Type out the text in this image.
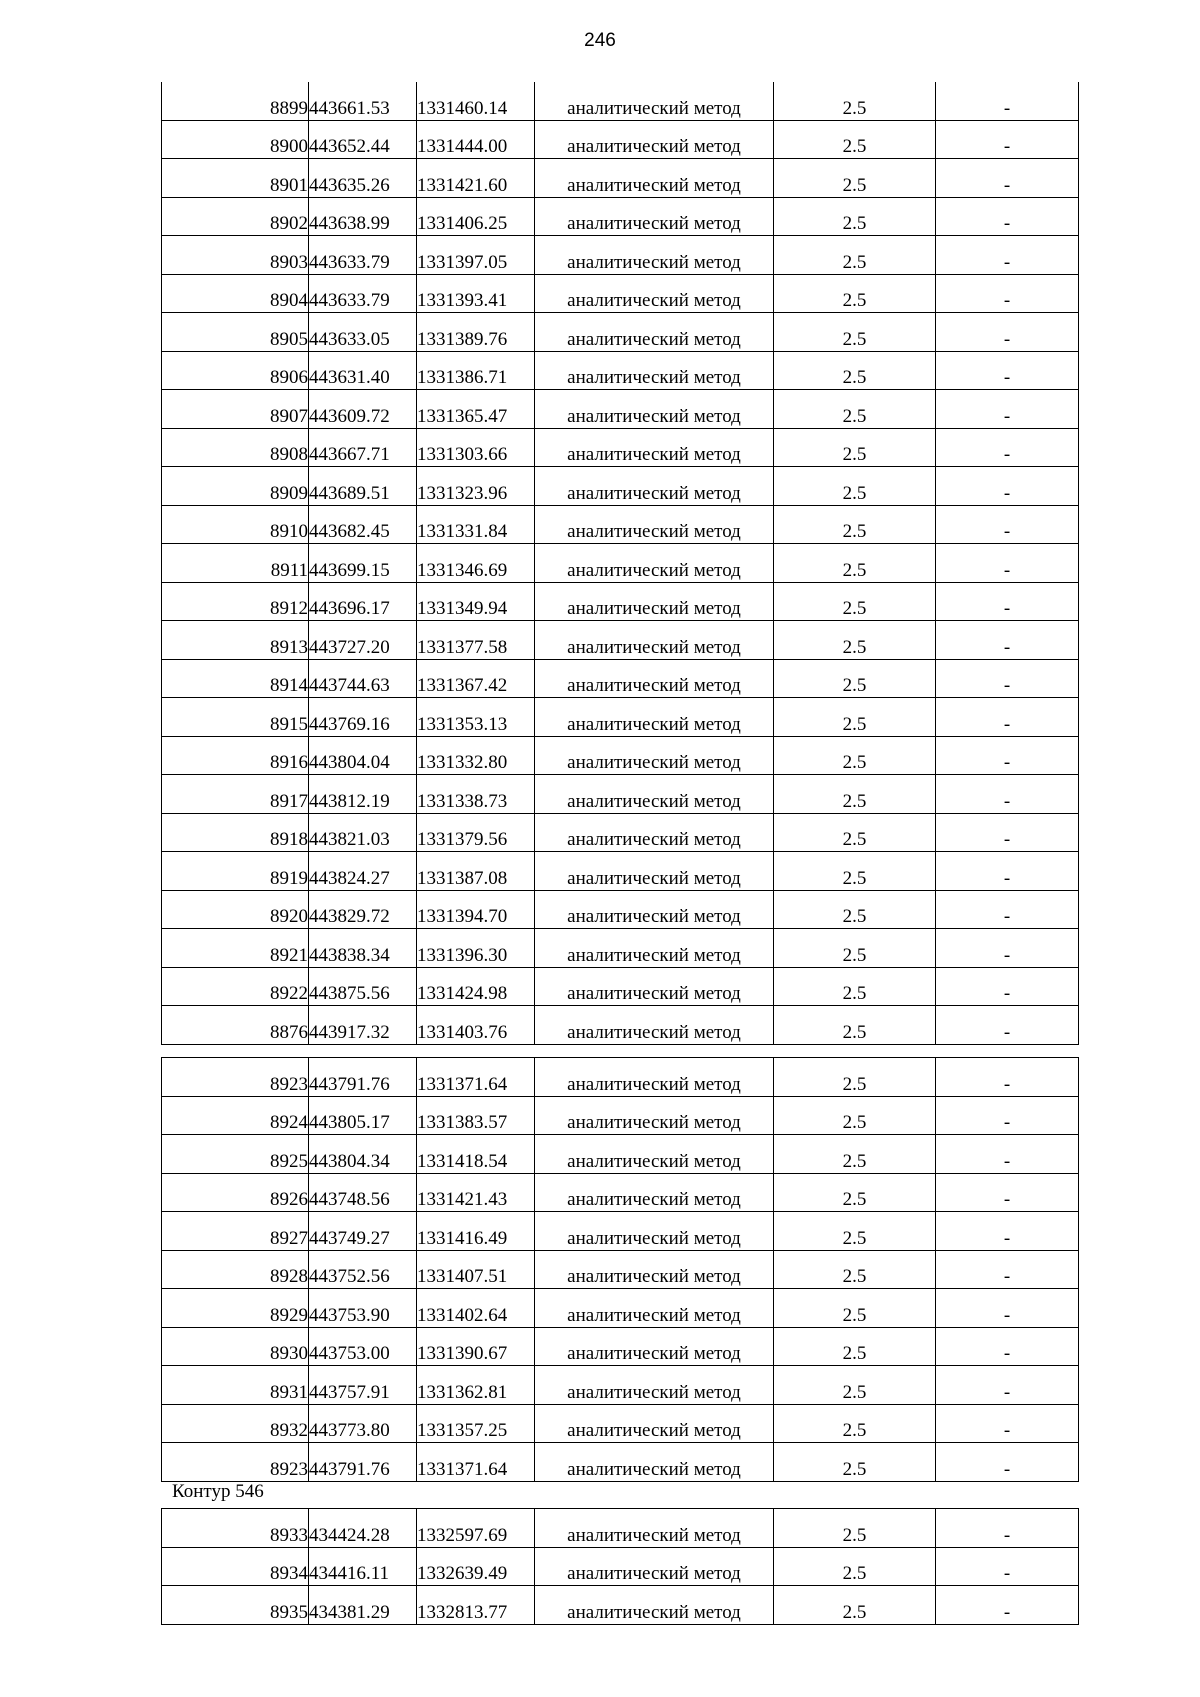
246
8899	443661.53	1331460.14	аналитический метод	2.5	-
8900	443652.44	1331444.00	аналитический метод	2.5	-
8901	443635.26	1331421.60	аналитический метод	2.5	-
8902	443638.99	1331406.25	аналитический метод	2.5	-
8903	443633.79	1331397.05	аналитический метод	2.5	-
8904	443633.79	1331393.41	аналитический метод	2.5	-
8905	443633.05	1331389.76	аналитический метод	2.5	-
8906	443631.40	1331386.71	аналитический метод	2.5	-
8907	443609.72	1331365.47	аналитический метод	2.5	-
8908	443667.71	1331303.66	аналитический метод	2.5	-
8909	443689.51	1331323.96	аналитический метод	2.5	-
8910	443682.45	1331331.84	аналитический метод	2.5	-
8911	443699.15	1331346.69	аналитический метод	2.5	-
8912	443696.17	1331349.94	аналитический метод	2.5	-
8913	443727.20	1331377.58	аналитический метод	2.5	-
8914	443744.63	1331367.42	аналитический метод	2.5	-
8915	443769.16	1331353.13	аналитический метод	2.5	-
8916	443804.04	1331332.80	аналитический метод	2.5	-
8917	443812.19	1331338.73	аналитический метод	2.5	-
8918	443821.03	1331379.56	аналитический метод	2.5	-
8919	443824.27	1331387.08	аналитический метод	2.5	-
8920	443829.72	1331394.70	аналитический метод	2.5	-
8921	443838.34	1331396.30	аналитический метод	2.5	-
8922	443875.56	1331424.98	аналитический метод	2.5	-
8876	443917.32	1331403.76	аналитический метод	2.5	-
8923	443791.76	1331371.64	аналитический метод	2.5	-
8924	443805.17	1331383.57	аналитический метод	2.5	-
8925	443804.34	1331418.54	аналитический метод	2.5	-
8926	443748.56	1331421.43	аналитический метод	2.5	-
8927	443749.27	1331416.49	аналитический метод	2.5	-
8928	443752.56	1331407.51	аналитический метод	2.5	-
8929	443753.90	1331402.64	аналитический метод	2.5	-
8930	443753.00	1331390.67	аналитический метод	2.5	-
8931	443757.91	1331362.81	аналитический метод	2.5	-
8932	443773.80	1331357.25	аналитический метод	2.5	-
8923	443791.76	1331371.64	аналитический метод	2.5	-
Контур 546
8933	434424.28	1332597.69	аналитический метод	2.5	-
8934	434416.11	1332639.49	аналитический метод	2.5	-
8935	434381.29	1332813.77	аналитический метод	2.5	-
